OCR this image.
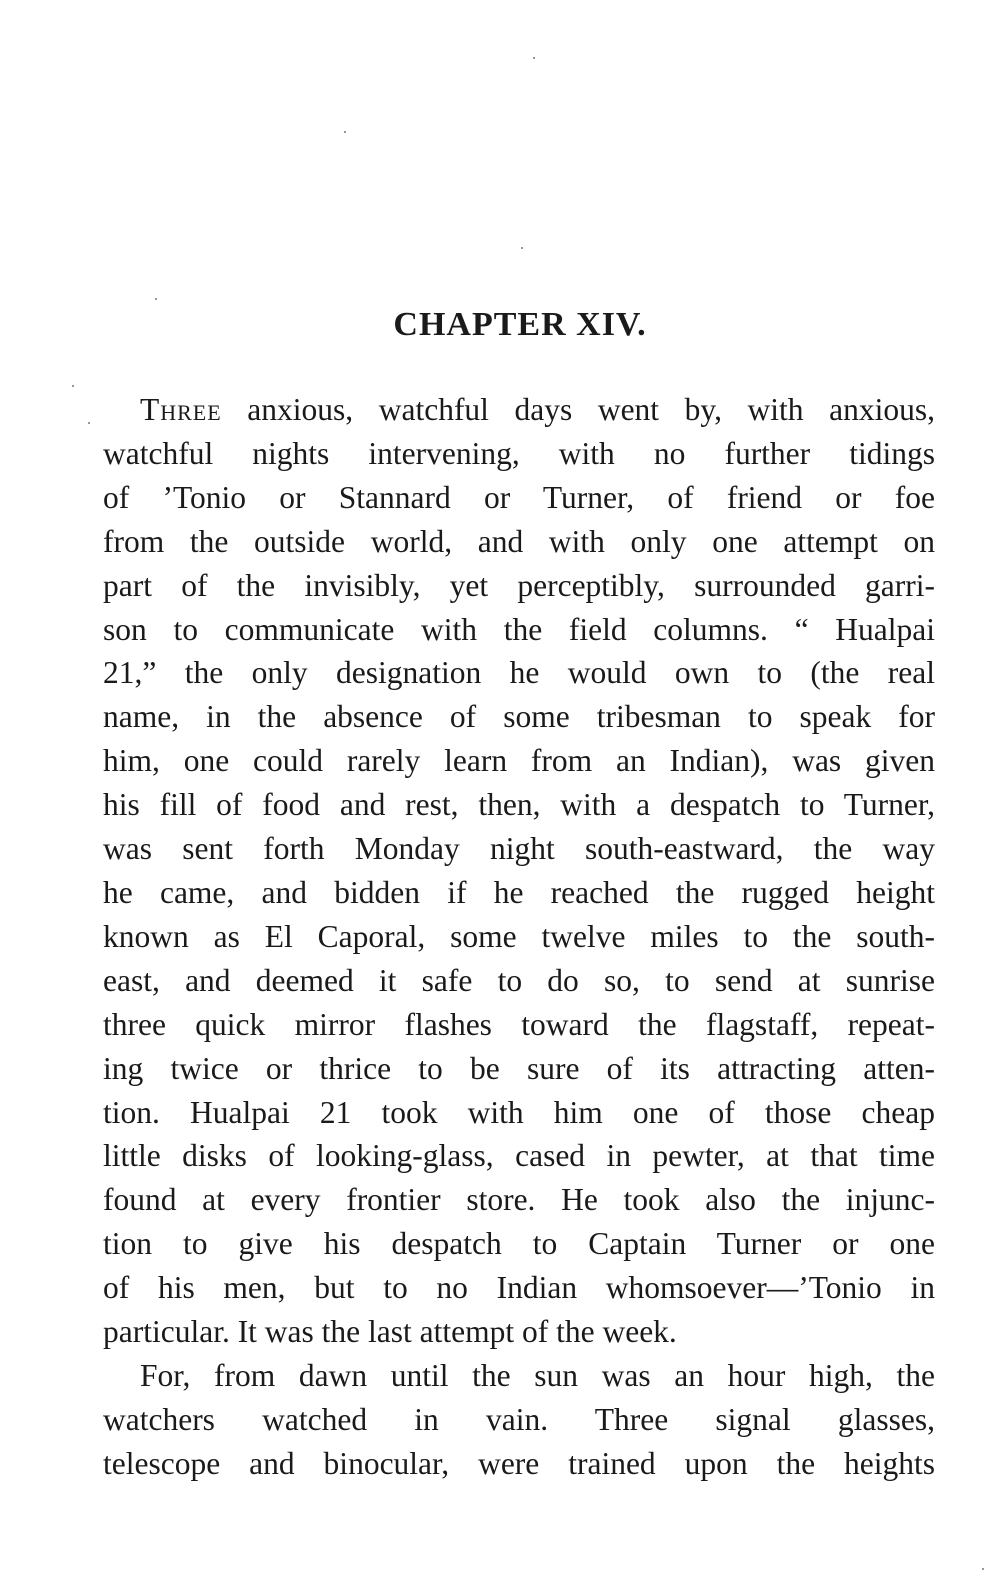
CHAPTER XIV.
Three anxious, watchful days went by, with anxious,
watchful nights intervening, with no further tidings
of ’Tonio or Stannard or Turner, of friend or foe
from the outside world, and with only one attempt on
part of the invisibly, yet perceptibly, surrounded garri-
son to communicate with the field columns. “ Hualpai
21,” the only designation he would own to (the real
name, in the absence of some tribesman to speak for
him, one could rarely learn from an Indian), was given
his fill of food and rest, then, with a despatch to Turner,
was sent forth Monday night south-eastward, the way
he came, and bidden if he reached the rugged height
known as El Caporal, some twelve miles to the south-
east, and deemed it safe to do so, to send at sunrise
three quick mirror flashes toward the flagstaff, repeat-
ing twice or thrice to be sure of its attracting atten-
tion. Hualpai 21 took with him one of those cheap
little disks of looking-glass, cased in pewter, at that time
found at every frontier store. He took also the injunc-
tion to give his despatch to Captain Turner or one
of his men, but to no Indian whomsoever—’Tonio in
particular. It was the last attempt of the week.
For, from dawn until the sun was an hour high, the
watchers watched in vain. Three signal glasses,
telescope and binocular, were trained upon the heights
